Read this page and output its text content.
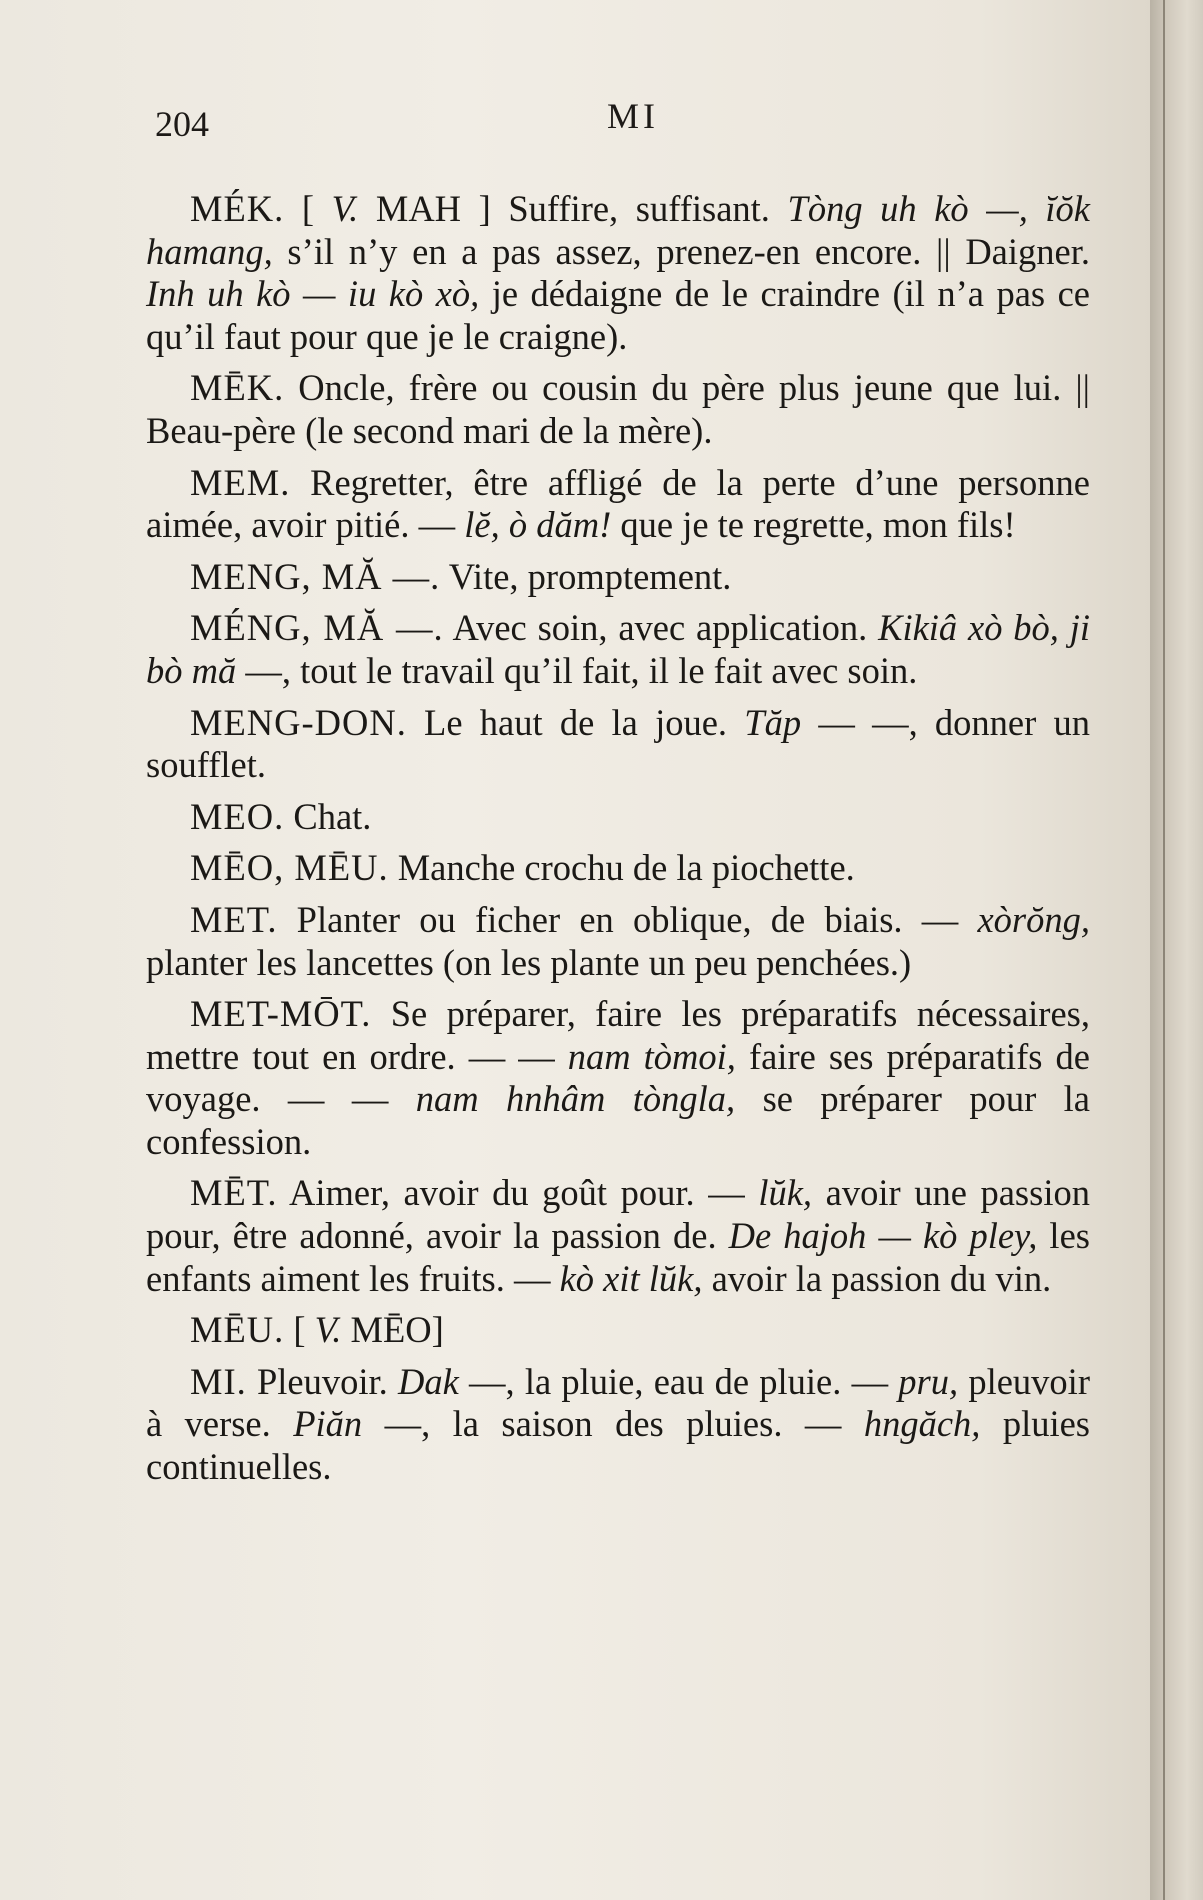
204	MI

MÉK. [ V. MAH ] Suffire, suffisant. Tòng uh kò —, ĭŏk hamang, s’il n’y en a pas assez, prenez-en encore. || Daigner. Inh uh kò — iu kò xò, je dédaigne de le craindre (il n’a pas ce qu’il faut pour que je le craigne).

MĒK. Oncle, frère ou cousin du père plus jeune que lui. || Beau-père (le second mari de la mère).

MEM. Regretter, être affligé de la perte d’une personne aimée, avoir pitié. — lĕ, ò dăm! que je te regrette, mon fils!

MENG, MĂ —. Vite, promptement.

MÉNG, MĂ —. Avec soin, avec application. Kikiâ xò bò, ji bò mă —, tout le travail qu’il fait, il le fait avec soin.

MENG-DON. Le haut de la joue. Tăp — —, donner un soufflet.

MEO. Chat.

MĒO, MĒU. Manche crochu de la piochette.

MET. Planter ou ficher en oblique, de biais. — xòrŏng, planter les lancettes (on les plante un peu penchées.)

MET-MŌT. Se préparer, faire les préparatifs nécessaires, mettre tout en ordre. — — nam tòmoi, faire ses préparatifs de voyage. — — nam hnhâm tòngla, se préparer pour la confession.

MĒT. Aimer, avoir du goût pour. — lŭk, avoir une passion pour, être adonné, avoir la passion de. De hajoh — kò pley, les enfants aiment les fruits. — kò xit lŭk, avoir la passion du vin.

MĒU. [ V. MĒO]

MI. Pleuvoir. Dak —, la pluie, eau de pluie. — pru, pleuvoir à verse. Piăn —, la saison des pluies. — hngăch, pluies continuelles.
